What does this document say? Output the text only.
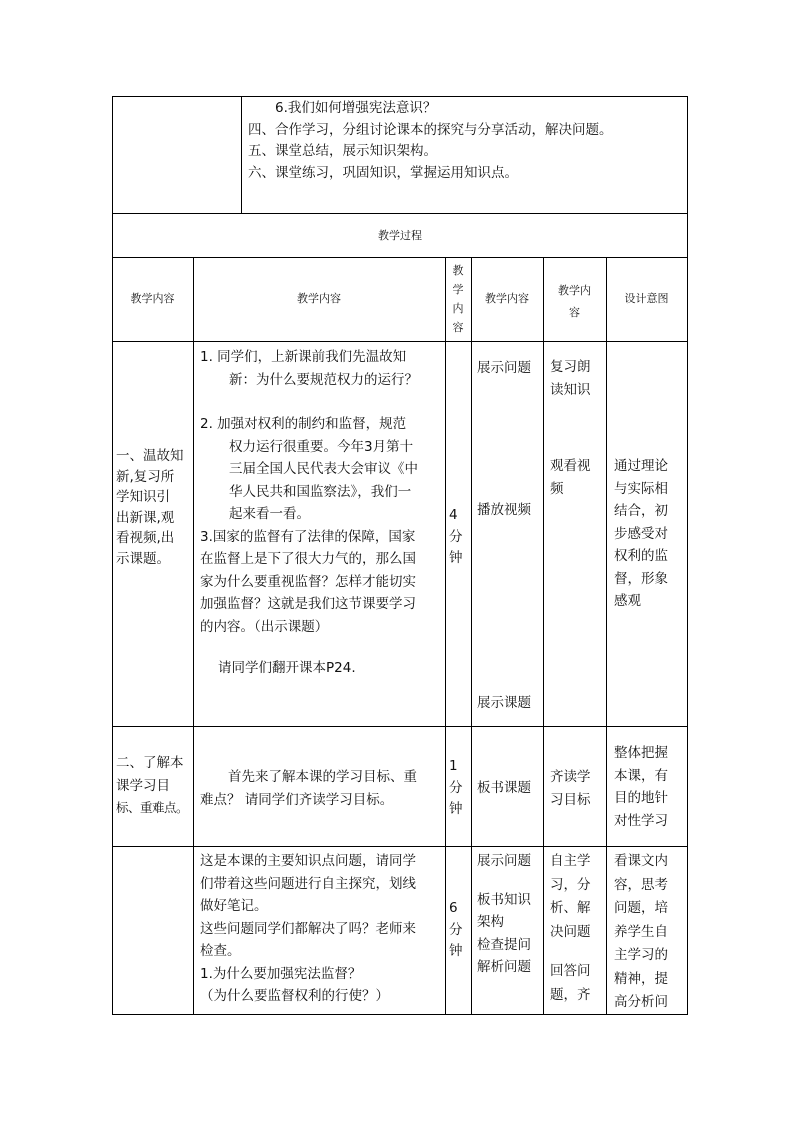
6.我们如何增强宪法意识？

四、合作学习，分组讨论课本的探究与分享活动，解决问题。

五、课堂总结，展示知识架构。

六、课堂练习，巩固知识，掌握运用知识点。

教学过程
教学内容	教学内容

教

学

内

容

教学内容

教学内

容

设计意图

一、温故知

新,复习所

学知识引

出新课,观

看视频,出

示课题。

1. 同学们，上新课前我们先温故知

新：为什么要规范权力的运行？

2. 加强对权利的制约和监督，规范

权力运行很重要。今年3月第十

三届全国人民代表大会审议《中

华人民共和国监察法》，我们一

起来看一看。

3.国家的监督有了法律的保障，国家

在监督上是下了很大力气的，那么国

家为什么要重视监督？怎样才能切实

加强监督？这就是我们这节课要学习

的内容。（出示课题）

请同学们翻开课本P24.

4

分

钟

展示问题
播放视频
展示课题

复习朗

读知识

观看视

频

通过理论

与实际相

结合，初

步感受对

权利的监

督，形象

感观

二、了解本

课学习目

标、重难点。

首先来了解本课的学习目标、重

难点？ 请同学们齐读学习目标。

1

分

钟

板书课题

齐读学

习目标

整体把握

本课，有

目的地针

对性学习

这是本课的主要知识点问题，请同学

们带着这些问题进行自主探究，划线

做好笔记。

这些问题同学们都解决了吗？老师来

检查。

1.为什么要加强宪法监督？

（为什么要监督权利的行使？）

6

分

钟

展示问题

板书知识

架构

检查提问

解析问题

自主学

习，分

析、解

决问题

回答问

题，齐

看课文内

容，思考

问题，培

养学生自

主学习的

精神，提

高分析问
